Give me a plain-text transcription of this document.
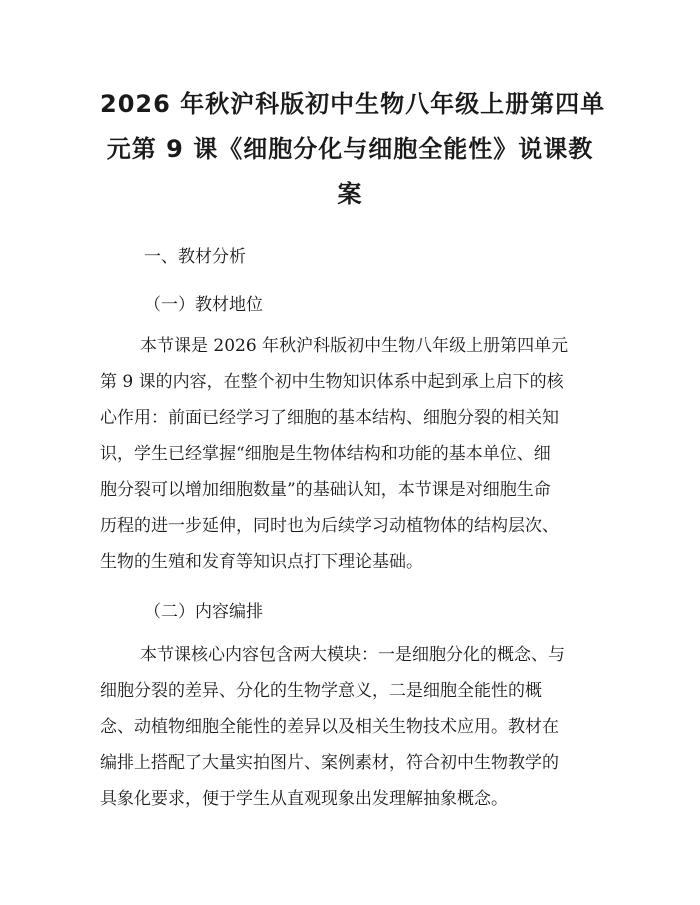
2026 年秋沪科版初中生物八年级上册第四单
元第 9 课《细胞分化与细胞全能性》说课教
案
一、教材分析
（一）教材地位
本节课是 2026 年秋沪科版初中生物八年级上册第四单元
第 9 课的内容，在整个初中生物知识体系中起到承上启下的核
心作用：前面已经学习了细胞的基本结构、细胞分裂的相关知
识，学生已经掌握“细胞是生物体结构和功能的基本单位、细
胞分裂可以增加细胞数量”的基础认知，本节课是对细胞生命
历程的进一步延伸，同时也为后续学习动植物体的结构层次、
生物的生殖和发育等知识点打下理论基础。
（二）内容编排
本节课核心内容包含两大模块：一是细胞分化的概念、与
细胞分裂的差异、分化的生物学意义，二是细胞全能性的概
念、动植物细胞全能性的差异以及相关生物技术应用。教材在
编排上搭配了大量实拍图片、案例素材，符合初中生物教学的
具象化要求，便于学生从直观现象出发理解抽象概念。
